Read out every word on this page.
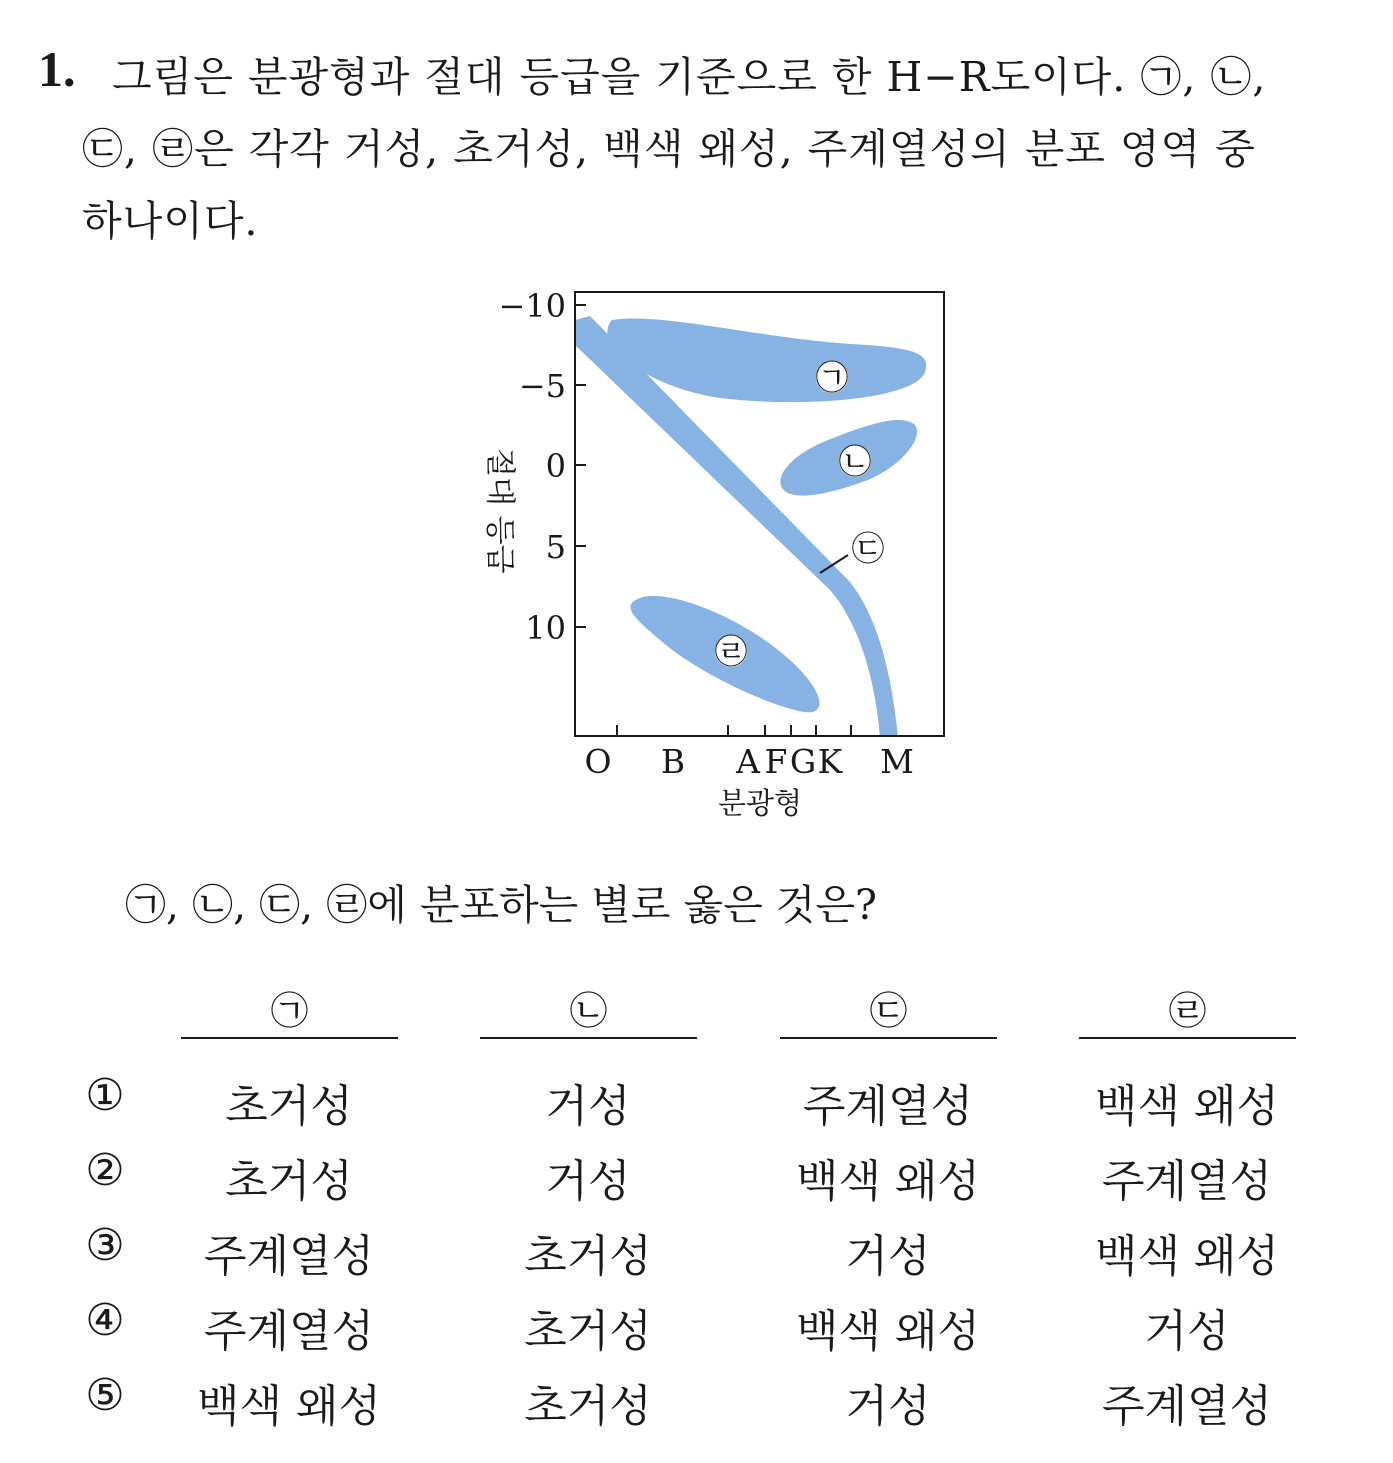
1. 그림은 분광형과 절대 등급을 기준으로 한 H−R도이다. ㉠, ㉡,
㉢, ㉣은 각각 거성, 초거성, 백색 왜성, 주계열성의 분포 영역 중
하나이다.
−10
−5
0
5
10
절대 등급
O B A F G K M
분광형
㉠
㉡
㉢
㉣
㉠, ㉡, ㉢, ㉣에 분포하는 별로 옳은 것은?
㉠	㉡	㉢	㉣
①	초거성	거성	주계열성	백색 왜성
②	초거성	거성	백색 왜성	주계열성
③	주계열성	초거성	거성	백색 왜성
④	주계열성	초거성	백색 왜성	거성
⑤	백색 왜성	초거성	거성	주계열성
